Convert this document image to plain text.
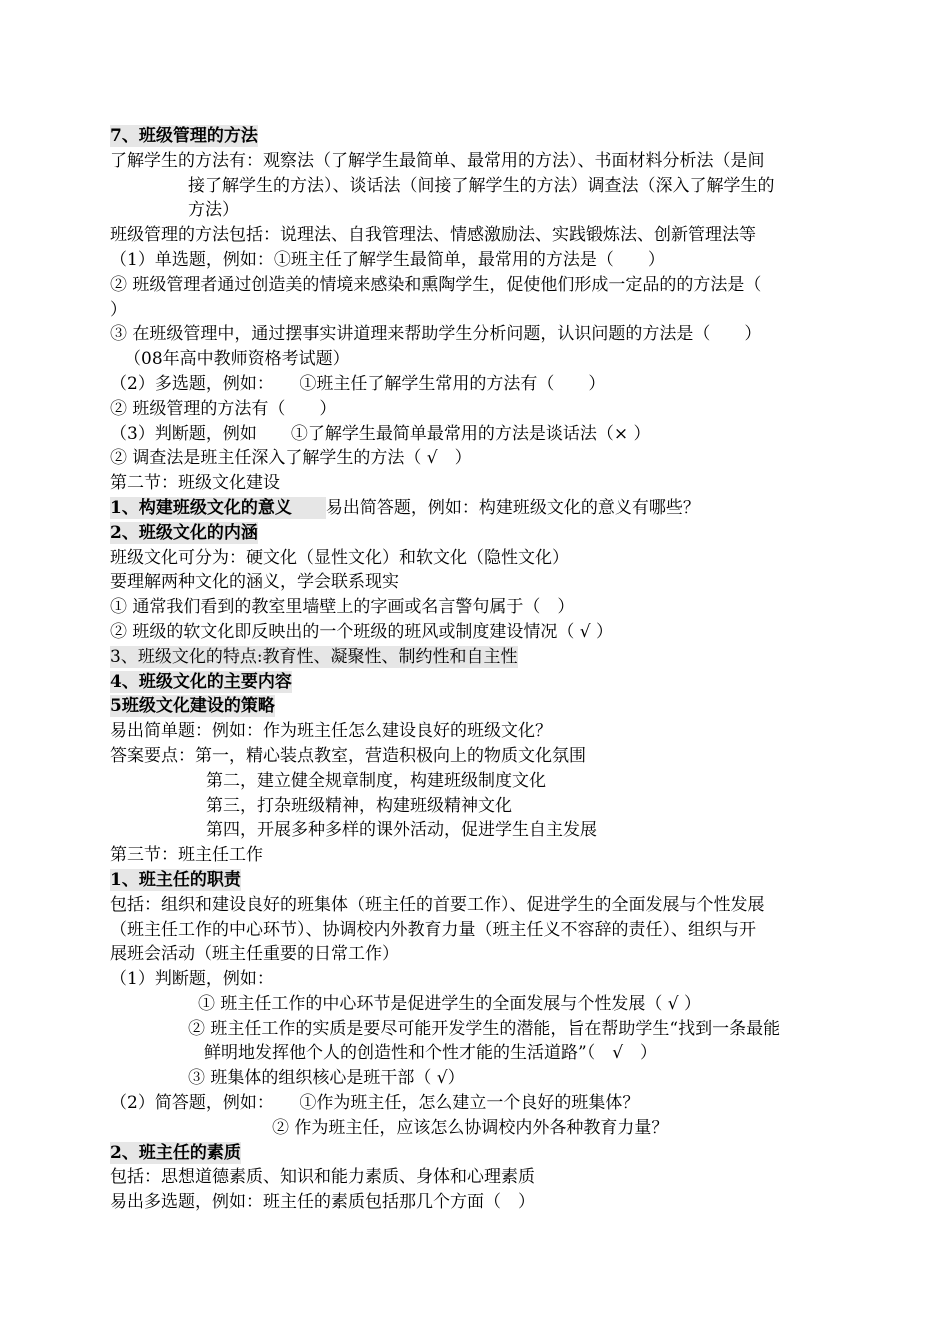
7、班级管理的方法
了解学生的方法有：观察法（了解学生最简单、最常用的方法）、书面材料分析法（是间
接了解学生的方法）、谈话法（间接了解学生的方法）调查法（深入了解学生的
方法）
班级管理的方法包括：说理法、自我管理法、情感激励法、实践锻炼法、创新管理法等
（1）单选题，例如：①班主任了解学生最简单，最常用的方法是（　　）
② 班级管理者通过创造美的情境来感染和熏陶学生，促使他们形成一定品的的方法是（
）
③ 在班级管理中，通过摆事实讲道理来帮助学生分析问题，认识问题的方法是（　　）
（08年高中教师资格考试题）
（2）多选题，例如：　　①班主任了解学生常用的方法有（　　）
② 班级管理的方法有（　　）
（3）判断题，例如　　①了解学生最简单最常用的方法是谈话法（× ）
② 调查法是班主任深入了解学生的方法（ √　）
第二节：班级文化建设
1、构建班级文化的意义　　易出简答题，例如：构建班级文化的意义有哪些？
2、班级文化的内涵
班级文化可分为：硬文化（显性文化）和软文化（隐性文化）
要理解两种文化的涵义，学会联系现实
① 通常我们看到的教室里墙壁上的字画或名言警句属于（　）
② 班级的软文化即反映出的一个班级的班风或制度建设情况（ √ ）
3、班级文化的特点:教育性、凝聚性、制约性和自主性
4、班级文化的主要内容
5班级文化建设的策略
易出简单题：例如：作为班主任怎么建设良好的班级文化？
答案要点：第一，精心装点教室，营造积极向上的物质文化氛围
第二，建立健全规章制度，构建班级制度文化
第三，打杂班级精神，构建班级精神文化
第四，开展多种多样的课外活动，促进学生自主发展
第三节：班主任工作
1、班主任的职责
包括：组织和建设良好的班集体（班主任的首要工作）、促进学生的全面发展与个性发展
（班主任工作的中心环节）、协调校内外教育力量（班主任义不容辞的责任）、组织与开
展班会活动（班主任重要的日常工作）
（1）判断题，例如：
① 班主任工作的中心环节是促进学生的全面发展与个性发展（ √ ）
② 班主任工作的实质是要尽可能开发学生的潜能，旨在帮助学生“找到一条最能
鲜明地发挥他个人的创造性和个性才能的生活道路”（　√　）
③ 班集体的组织核心是班干部（ √）
（2）简答题，例如：　　①作为班主任，怎么建立一个良好的班集体？
② 作为班主任，应该怎么协调校内外各种教育力量？
2、班主任的素质
包括：思想道德素质、知识和能力素质、身体和心理素质
易出多选题，例如：班主任的素质包括那几个方面（　）
